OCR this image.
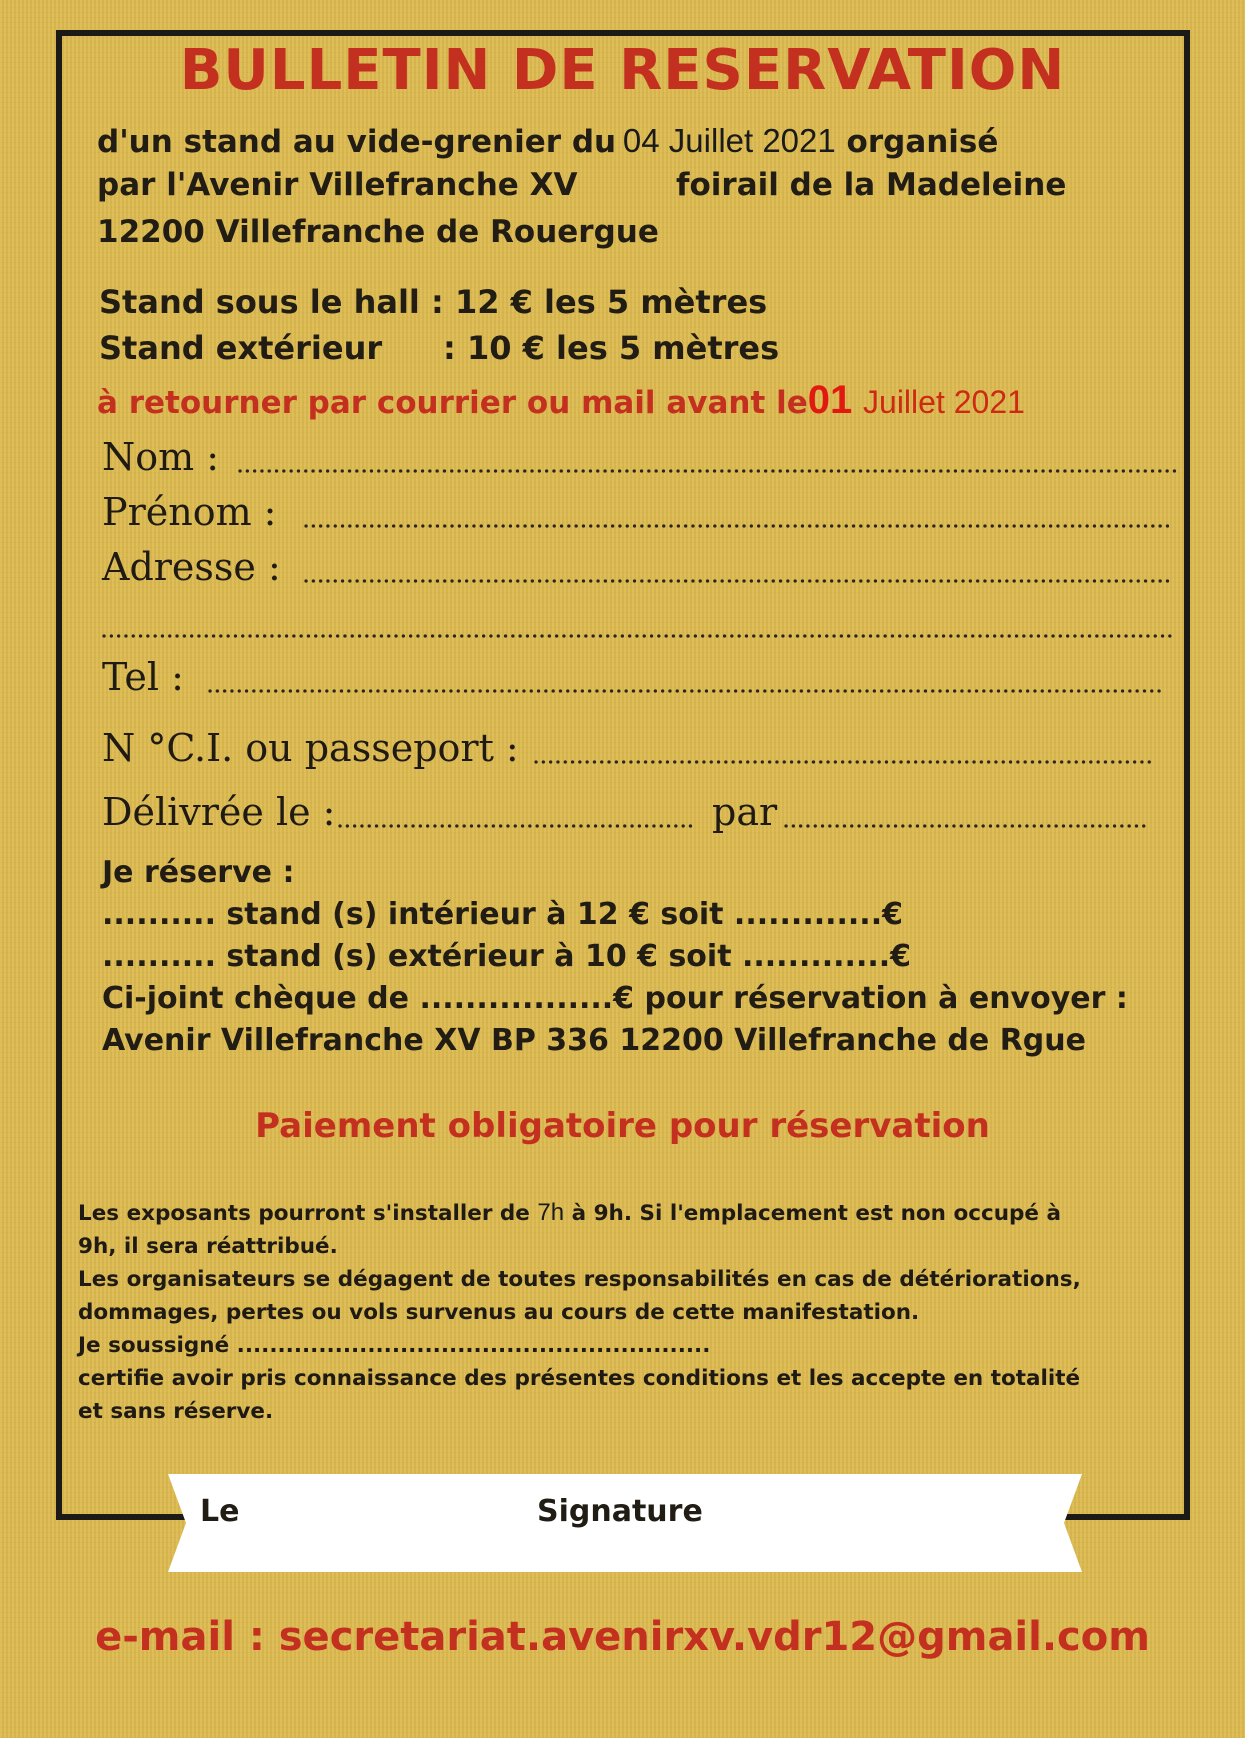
BULLETIN DE RESERVATION
d'un stand au vide-grenier du 04 Juillet 2021 organisé
par l'Avenir Villefranche XV	foirail de la Madeleine
12200 Villefranche de Rouergue
Stand sous le hall : 12 € les 5 mètres
Stand extérieur : 10 € les 5 mètres
à retourner par courrier ou mail avant le01 Juillet 2021
Nom :
Prénom :
Adresse :
Tel :
N °C.I. ou passeport :
Délivrée le :	par
Je réserve :
.......... stand (s) intérieur à 12 € soit .............€
.......... stand (s) extérieur à 10 € soit .............€
Ci-joint chèque de .................€ pour réservation à envoyer :
Avenir Villefranche XV BP 336 12200 Villefranche de Rgue
Paiement obligatoire pour réservation
Les exposants pourront s'installer de 7h à 9h. Si l'emplacement est non occupé à
9h, il sera réattribué.
Les organisateurs se dégagent de toutes responsabilités en cas de détériorations,
dommages, pertes ou vols survenus au cours de cette manifestation.
Je soussigné ..........................................................
certifie avoir pris connaissance des présentes conditions et les accepte en totalité
et sans réserve.
Le	Signature
e-mail : secretariat.avenirxv.vdr12@gmail.com
